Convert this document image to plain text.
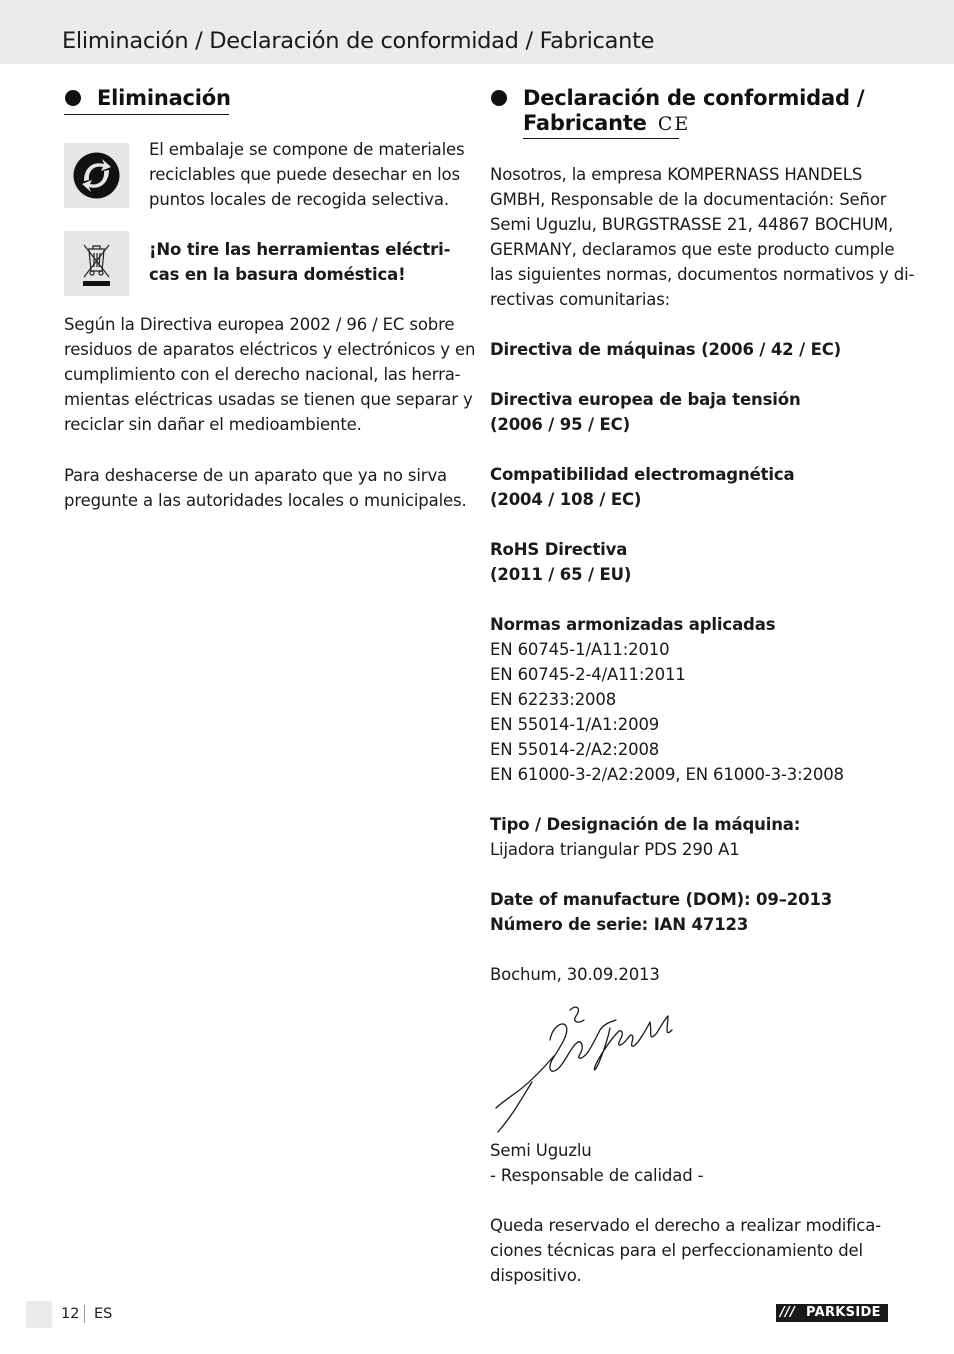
Eliminación / Declaración de conformidad / Fabricante
Eliminación
El embalaje se compone de materiales
reciclables que puede desechar en los
puntos locales de recogida selectiva.
¡No tire las herramientas eléctri-
cas en la basura doméstica!
Según la Directiva europea 2002 / 96 / EC sobre
residuos de aparatos eléctricos y electrónicos y en
cumplimiento con el derecho nacional, las herra-
mientas eléctricas usadas se tienen que separar y
reciclar sin dañar el medioambiente.
Para deshacerse de un aparato que ya no sirva
pregunte a las autoridades locales o municipales.
Declaración de conformidad /
Fabricante CE
Nosotros, la empresa KOMPERNASS HANDELS
GMBH, Responsable de la documentación: Señor
Semi Uguzlu, BURGSTRASSE 21, 44867 BOCHUM,
GERMANY, declaramos que este producto cumple
las siguientes normas, documentos normativos y di-
rectivas comunitarias:
Directiva de máquinas (2006 / 42 / EC)
Directiva europea de baja tensión
(2006 / 95 / EC)
Compatibilidad electromagnética
(2004 / 108 / EC)
RoHS Directiva
(2011 / 65 / EU)
Normas armonizadas aplicadas
EN 60745-1/A11:2010
EN 60745-2-4/A11:2011
EN 62233:2008
EN 55014-1/A1:2009
EN 55014-2/A2:2008
EN 61000-3-2/A2:2009, EN 61000-3-3:2008
Tipo / Designación de la máquina:
Lijadora triangular PDS 290 A1
Date of manufacture (DOM): 09–2013
Número de serie: IAN 47123
Bochum, 30.09.2013
Semi Uguzlu
- Responsable de calidad -
Queda reservado el derecho a realizar modifica-
ciones técnicas para el perfeccionamiento del
dispositivo.
12 ES	/// PARKSIDE
